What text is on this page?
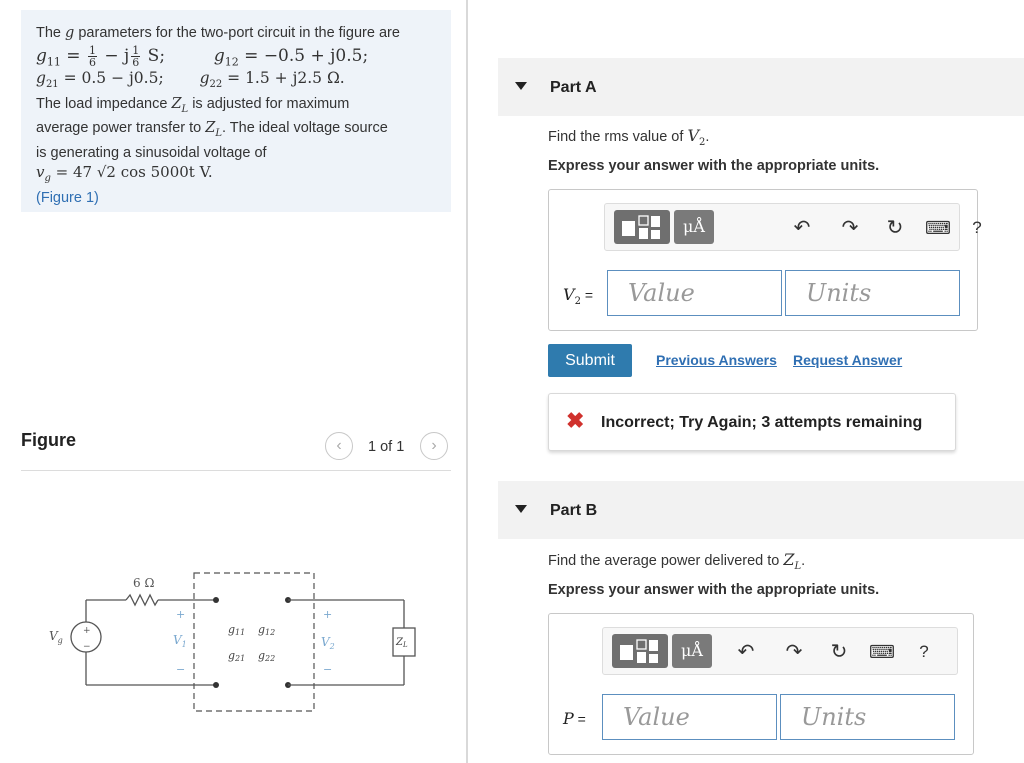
The g parameters for the two-port circuit in the figure are
$g_{11} = \frac{1}{6} - j \frac{1}{6} S$;	$g_{12} = -0.5 + j0.5$;
$g_{21} = 0.5 - j0.5$; $g_{22} = 1.5 + j2.5$ Ω.
The load impedance $Z_L$ is adjusted for maximum
average power transfer to $Z_L$. The ideal voltage source
is generating a sinusoidal voltage of
$v_g = 47$ √2 cos 5000t V.
(Figure 1)
Figure	‹	1 of 1	›
+
−
$V_g$
6 Ω
+
$V_1$
−
g11 g12
g21 g22
$Z_L$
+
$V_2$
−
Part A
Find the rms value of $V_2$.
Express your answer with the appropriate units.
μÅ	↶ ↷ ↻ ⌨ ?
$V_2$ =	Value	Units
Submit	Previous Answers Request Answer
✖ Incorrect; Try Again; 3 attempts remaining
Part B
Find the average power delivered to $Z_L$.
Express your answer with the appropriate units.
μÅ	↶ ↷ ↻ ⌨ ?
P =	Value	Units
